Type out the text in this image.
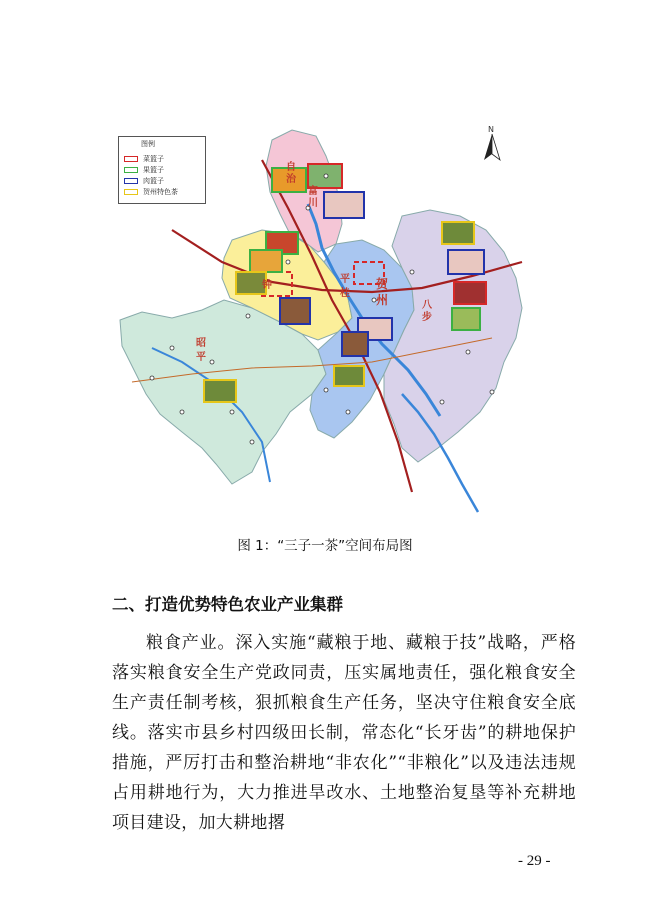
富
川
自
治
平
桂
贺
州	八
步
昭
平
钟
N
图例
菜篮子
果篮子
肉篮子
贺州特色茶
图 1：“三子一茶”空间布局图
二、打造优势特色农业产业集群

粮食产业。深入实施“藏粮于地、藏粮于技”战略，严格落实粮食安全生产党政同责，压实属地责任，强化粮食安全生产责任制考核，狠抓粮食生产任务，坚决守住粮食安全底线。落实市县乡村四级田长制，常态化“长牙齿”的耕地保护措施，严厉打击和整治耕地“非农化”“非粮化”以及违法违规占用耕地行为，大力推进旱改水、土地整治复垦等补充耕地项目建设，加大耕地撂

- 29 -
